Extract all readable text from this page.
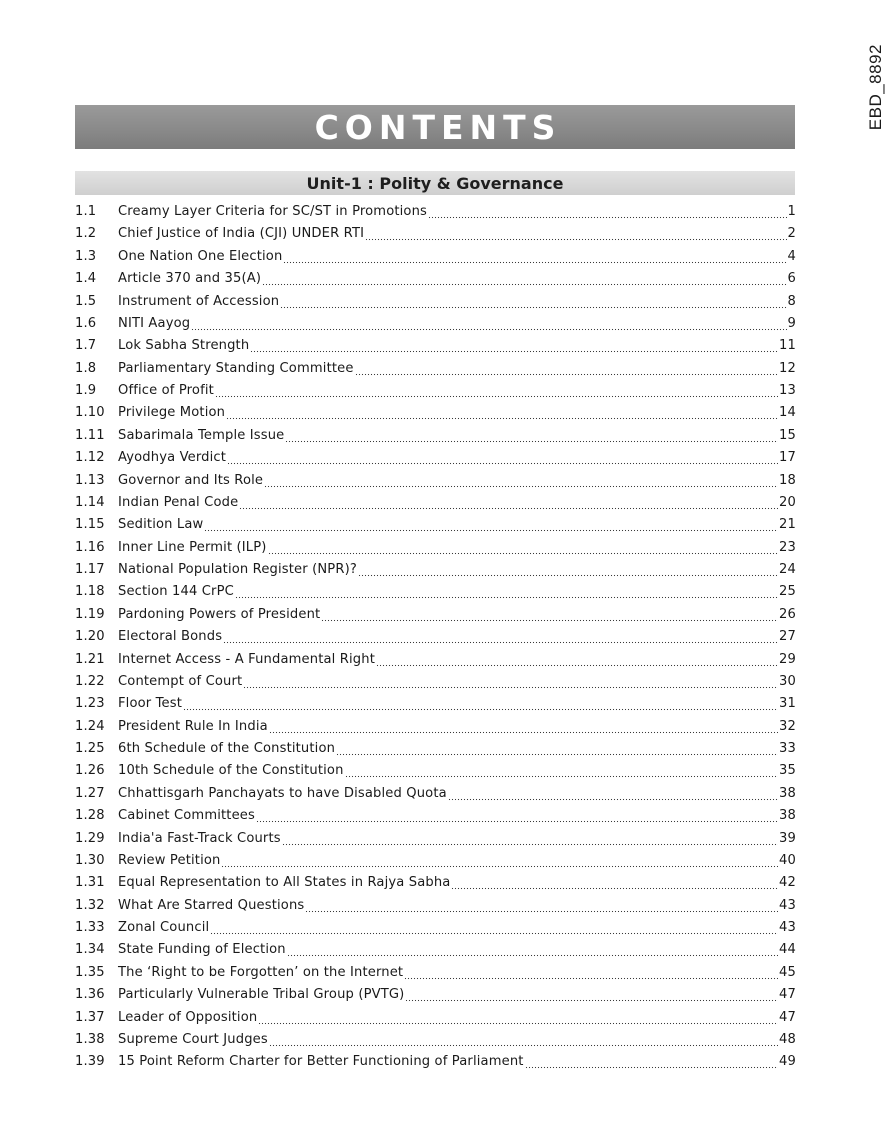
EBD_8892
CONTENTS
Unit-1 : Polity & Governance
1.1	Creamy Layer Criteria for SC/ST in Promotions	1
1.2	Chief Justice of India (CJI) UNDER RTI	2
1.3	One Nation One Election	4
1.4	Article 370 and 35(A)	6
1.5	Instrument of Accession	8
1.6	NITI Aayog	9
1.7	Lok Sabha Strength	11
1.8	Parliamentary Standing Committee	12
1.9	Office of Profit	13
1.10	Privilege Motion	14
1.11	Sabarimala Temple Issue	15
1.12	Ayodhya Verdict	17
1.13	Governor and Its Role	18
1.14	Indian Penal Code	20
1.15	Sedition Law	21
1.16	Inner Line Permit (ILP)	23
1.17	National Population Register (NPR)?	24
1.18	Section 144 CrPC	25
1.19	Pardoning Powers of President	26
1.20	Electoral Bonds	27
1.21	Internet Access - A Fundamental Right	29
1.22	Contempt of Court	30
1.23	Floor Test	31
1.24	President Rule In India	32
1.25	6th Schedule of the Constitution	33
1.26	10th Schedule of the Constitution	35
1.27	Chhattisgarh Panchayats to have Disabled Quota	38
1.28	Cabinet Committees	38
1.29	India'a Fast-Track Courts	39
1.30	Review Petition	40
1.31	Equal Representation to All States in Rajya Sabha	42
1.32	What Are Starred Questions	43
1.33	Zonal Council	43
1.34	State Funding of Election	44
1.35	The ‘Right to be Forgotten’ on the Internet	45
1.36	Particularly Vulnerable Tribal Group (PVTG)	47
1.37	Leader of Opposition	47
1.38	Supreme Court Judges	48
1.39	15 Point Reform Charter for Better Functioning of Parliament	49
